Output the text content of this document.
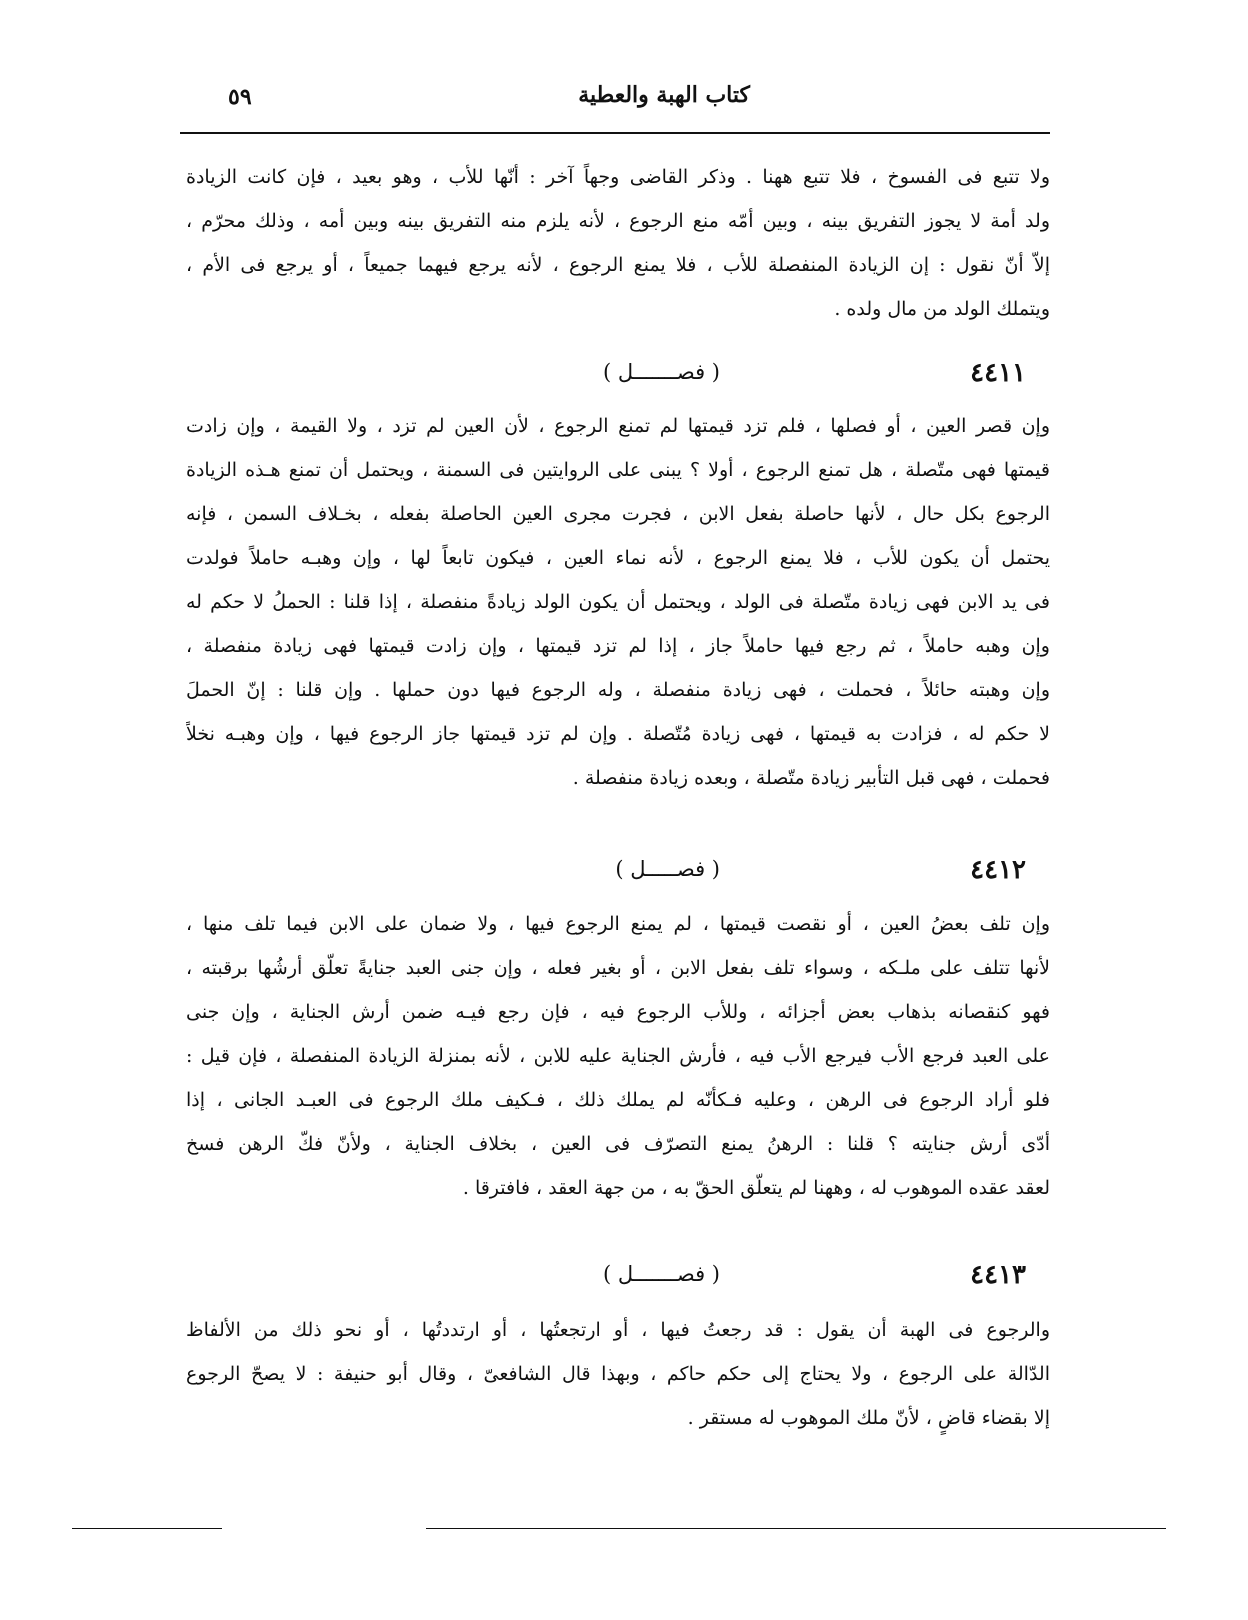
كتاب الهبة والعطية
٥٩
ولا تتبع فى الفسوخ ، فلا تتبع ههنا . وذكر القاضى وجهاً آخر : أنّها للأب ، وهو بعيد ، فإن كانت الزيادة
ولد أمة لا يجوز التفريق بينه ، وبين أمّه منع الرجوع ، لأنه يلزم منه التفريق بينه وبين أمه ، وذلك محرّم ،
إلاّ أنّ نقول : إن الزيادة المنفصلة للأب ، فلا يمنع الرجوع ، لأنه يرجع فيهما جميعاً ، أو يرجع فى الأم ،
ويتملك الولد من مال ولده .
٤٤١١
( فصـــــــل )
وإن قصر العين ، أو فصلها ، فلم تزد قيمتها لم تمنع الرجوع ، لأن العين لم تزد ، ولا القيمة ، وإن زادت
قيمتها فهى متّصلة ، هل تمنع الرجوع ، أولا ؟ يبنى على الروايتين فى السمنة ، ويحتمل أن تمنع هـذه الزيادة
الرجوع بكل حال ، لأنها حاصلة بفعل الابن ، فجرت مجرى العين الحاصلة بفعله ، بخـلاف السمن ، فإنه
يحتمل أن يكون للأب ، فلا يمنع الرجوع ، لأنه نماء العين ، فيكون تابعاً لها ، وإن وهبـه حاملاً فولدت
فى يد الابن فهى زيادة متّصلة فى الولد ، ويحتمل أن يكون الولد زيادةً منفصلة ، إذا قلنا : الحملُ لا حكم له
وإن وهبه حاملاً ، ثم رجع فيها حاملاً جاز ، إذا لم تزد قيمتها ، وإن زادت قيمتها فهى زيادة منفصلة ،
وإن وهبته حائلاً ، فحملت ، فهى زيادة منفصلة ، وله الرجوع فيها دون حملها . وإن قلنا : إنّ الحملَ
لا حكم له ، فزادت به قيمتها ، فهى زيادة مُتّصلة . وإن لم تزد قيمتها جاز الرجوع فيها ، وإن وهبـه نخلاً
فحملت ، فهى قبل التأبير زيادة متّصلة ، وبعده زيادة منفصلة .
٤٤١٢
( فصـــــل )
وإن تلف بعضُ العين ، أو نقصت قيمتها ، لم يمنع الرجوع فيها ، ولا ضمان على الابن فيما تلف منها ،
لأنها تتلف على ملـكه ، وسواء تلف بفعل الابن ، أو بغير فعله ، وإن جنى العبد جنايةً تعلّق أرشُها برقبته ،
فهو كنقصانه بذهاب بعض أجزائه ، وللأب الرجوع فيه ، فإن رجع فيـه ضمن أرش الجناية ، وإن جنى
على العبد فرجع الأب فيرجع الأب فيه ، فأرش الجناية عليه للابن ، لأنه بمنزلة الزيادة المنفصلة ، فإن قيل :
فلو أراد الرجوع فى الرهن ، وعليه فـكأنّه لم يملك ذلك ، فـكيف ملك الرجوع فى العبـد الجانى ، إذا
أدّى أرش جنايته ؟ قلنا : الرهنُ يمنع التصرّف فى العين ، بخلاف الجناية ، ولأنّ فكّ الرهن فسخ
لعقد عقده الموهوب له ، وههنا لم يتعلّق الحقّ به ، من جهة العقد ، فافترقا .
٤٤١٣
( فصـــــــل )
والرجوع فى الهبة أن يقول : قد رجعتُ فيها ، أو ارتجعتُها ، أو ارتددتُها ، أو نحو ذلك من الألفاظ
الدّالة على الرجوع ، ولا يحتاج إلى حكم حاكم ، وبهذا قال الشافعىّ ، وقال أبو حنيفة : لا يصحّ الرجوع
إلا بقضاء قاضٍ ، لأنّ ملك الموهوب له مستقر .
